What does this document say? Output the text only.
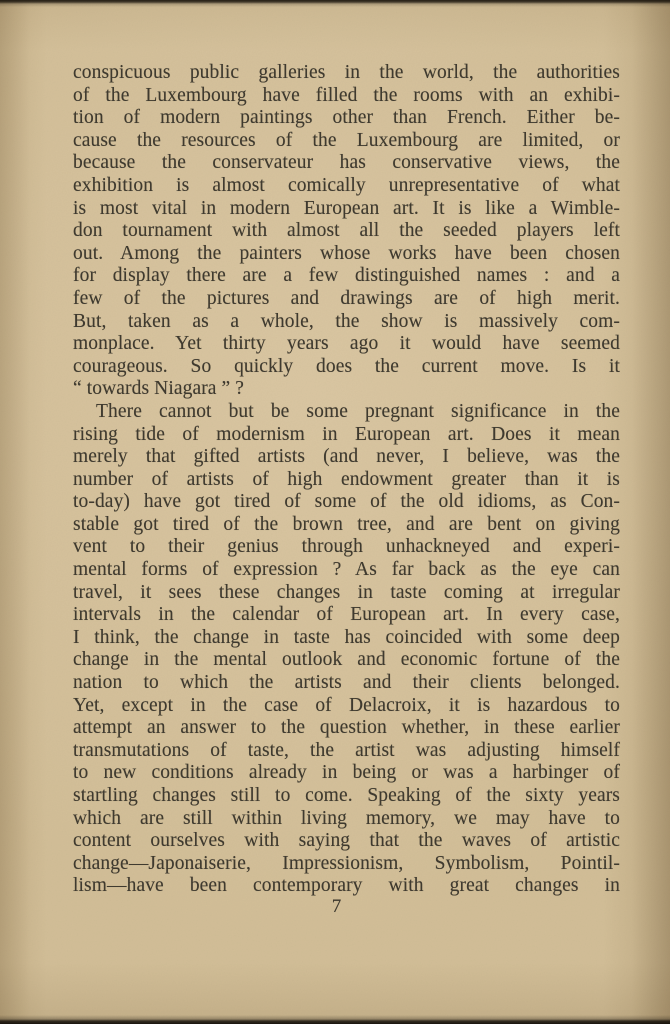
conspicuous public galleries in the world, the authorities
of the Luxembourg have filled the rooms with an exhibi-
tion of modern paintings other than French. Either be-
cause the resources of the Luxembourg are limited, or
because the conservateur has conservative views, the
exhibition is almost comically unrepresentative of what
is most vital in modern European art. It is like a Wimble-
don tournament with almost all the seeded players left
out. Among the painters whose works have been chosen
for display there are a few distinguished names : and a
few of the pictures and drawings are of high merit.
But, taken as a whole, the show is massively com-
monplace. Yet thirty years ago it would have seemed
courageous. So quickly does the current move. Is it
“ towards Niagara ” ?

There cannot but be some pregnant significance in the
rising tide of modernism in European art. Does it mean
merely that gifted artists (and never, I believe, was the
number of artists of high endowment greater than it is
to-day) have got tired of some of the old idioms, as Con-
stable got tired of the brown tree, and are bent on giving
vent to their genius through unhackneyed and experi-
mental forms of expression ? As far back as the eye can
travel, it sees these changes in taste coming at irregular
intervals in the calendar of European art. In every case,
I think, the change in taste has coincided with some deep
change in the mental outlook and economic fortune of the
nation to which the artists and their clients belonged.
Yet, except in the case of Delacroix, it is hazardous to
attempt an answer to the question whether, in these earlier
transmutations of taste, the artist was adjusting himself
to new conditions already in being or was a harbinger of
startling changes still to come. Speaking of the sixty years
which are still within living memory, we may have to
content ourselves with saying that the waves of artistic
change—Japonaiserie, Impressionism, Symbolism, Pointil-
lism—have been contemporary with great changes in

7
